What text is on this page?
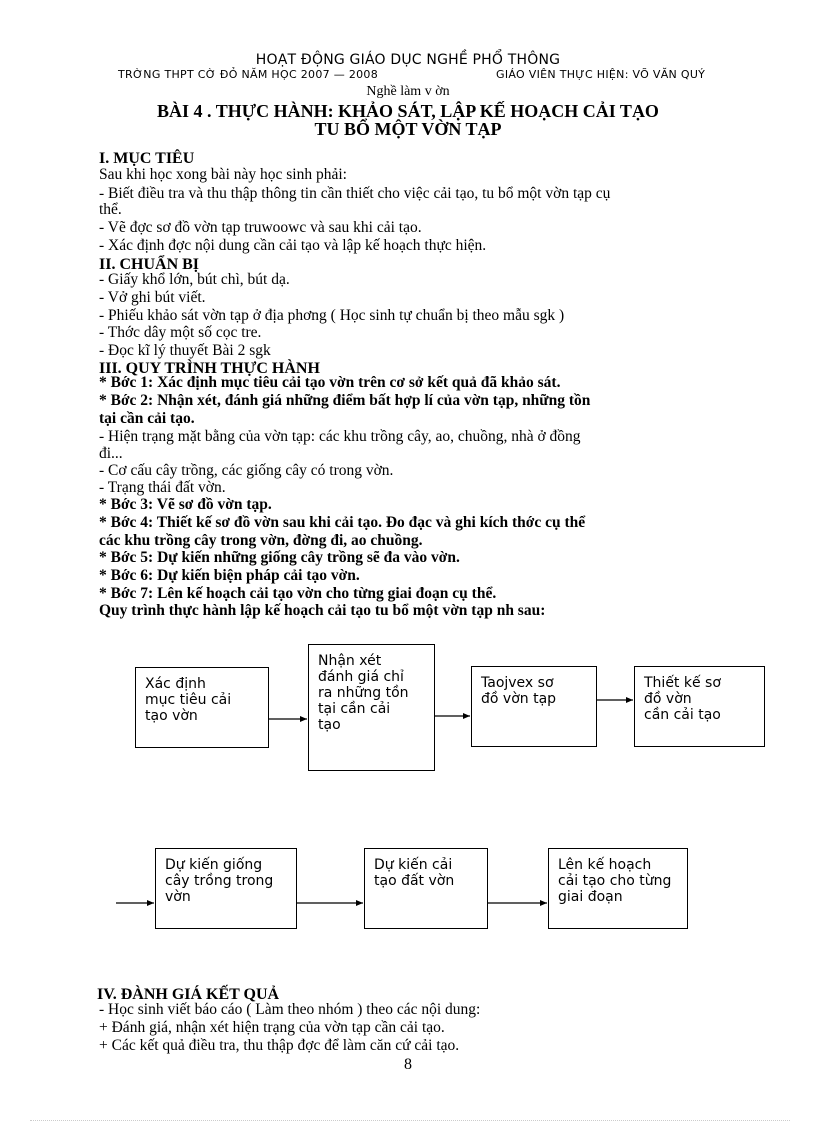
HOẠT ĐỘNG GIÁO DỤC NGHỀ PHỔ THÔNG
TRỜNG THPT CỜ ĐỎ NĂM HỌC 2007 — 2008	GIÁO VIÊN THỰC HIỆN: VÕ VĂN QUÝ
Nghề làm v ờn
BÀI 4 . THỰC HÀNH: KHẢO SÁT, LẬP KẾ HOẠCH CẢI TẠO
TU BỔ MỘT VỜN TẠP
I. MỤC TIÊU
Sau khi học xong bài này học sinh phải:
- Biết điều tra và thu thập thông tin cần thiết cho việc cải tạo, tu bổ một vờn tạp cụ
thể.
- Vẽ đợc sơ đồ vờn tạp truwoowc và sau khi cải tạo.
- Xác định đợc nội dung cần cải tạo và lập kế hoạch thực hiện.
II. CHUẨN BỊ
- Giấy khổ lớn, bút chì, bút dạ.
- Vở ghi bút viết.
- Phiếu khảo sát vờn tạp ở địa phơng ( Học sinh tự chuẩn bị theo mẫu sgk )
- Thớc dây một số cọc tre.
- Đọc kĩ lý thuyết Bài 2 sgk
III. QUY TRÌNH THỰC HÀNH
* Bớc 1: Xác định mục tiêu cải tạo vờn trên cơ sở kết quả đã khảo sát.
* Bớc 2: Nhận xét, đánh giá những điểm bất hợp lí của vờn tạp, những tồn
tại cần cải tạo.
- Hiện trạng mặt bằng của vờn tạp: các khu trồng cây, ao, chuồng, nhà ở đồng
đi...
- Cơ cấu cây trồng, các giống cây có trong vờn.
- Trạng thái đất vờn.
* Bớc 3: Vẽ sơ đồ vờn tạp.
* Bớc 4: Thiết kế sơ đồ vờn sau khi cải tạo. Đo đạc và ghi kích thớc cụ thể
các khu trồng cây trong vờn, đờng đi, ao chuồng.
* Bớc 5: Dự kiến những giống cây trồng sẽ đa vào vờn.
* Bớc 6: Dự kiến biện pháp cải tạo vờn.
* Bớc 7: Lên kế hoạch cải tạo vờn cho từng giai đoạn cụ thể.
Quy trình thực hành lập kế hoạch cải tạo tu bổ một vờn tạp nh sau:
Xác định
mục tiêu cải
tạo vờn
Nhận xét
đánh giá chỉ
ra những tồn
tại cần cải
tạo
Taojvex sơ
đồ vờn tạp
Thiết kế sơ
đồ vờn
cần cải tạo
Dự kiến giống
cây trồng trong
vờn
Dự kiến cải
tạo đất vờn
Lên kế hoạch
cải tạo cho từng
giai đoạn
IV. ĐÀNH GIÁ KẾT QUẢ
- Học sinh viết báo cáo ( Làm theo nhóm ) theo các nội dung:
+ Đánh giá, nhận xét hiện trạng của vờn tạp cần cải tạo.
+ Các kết quả điều tra, thu thập đợc để làm căn cứ cải tạo.
8
